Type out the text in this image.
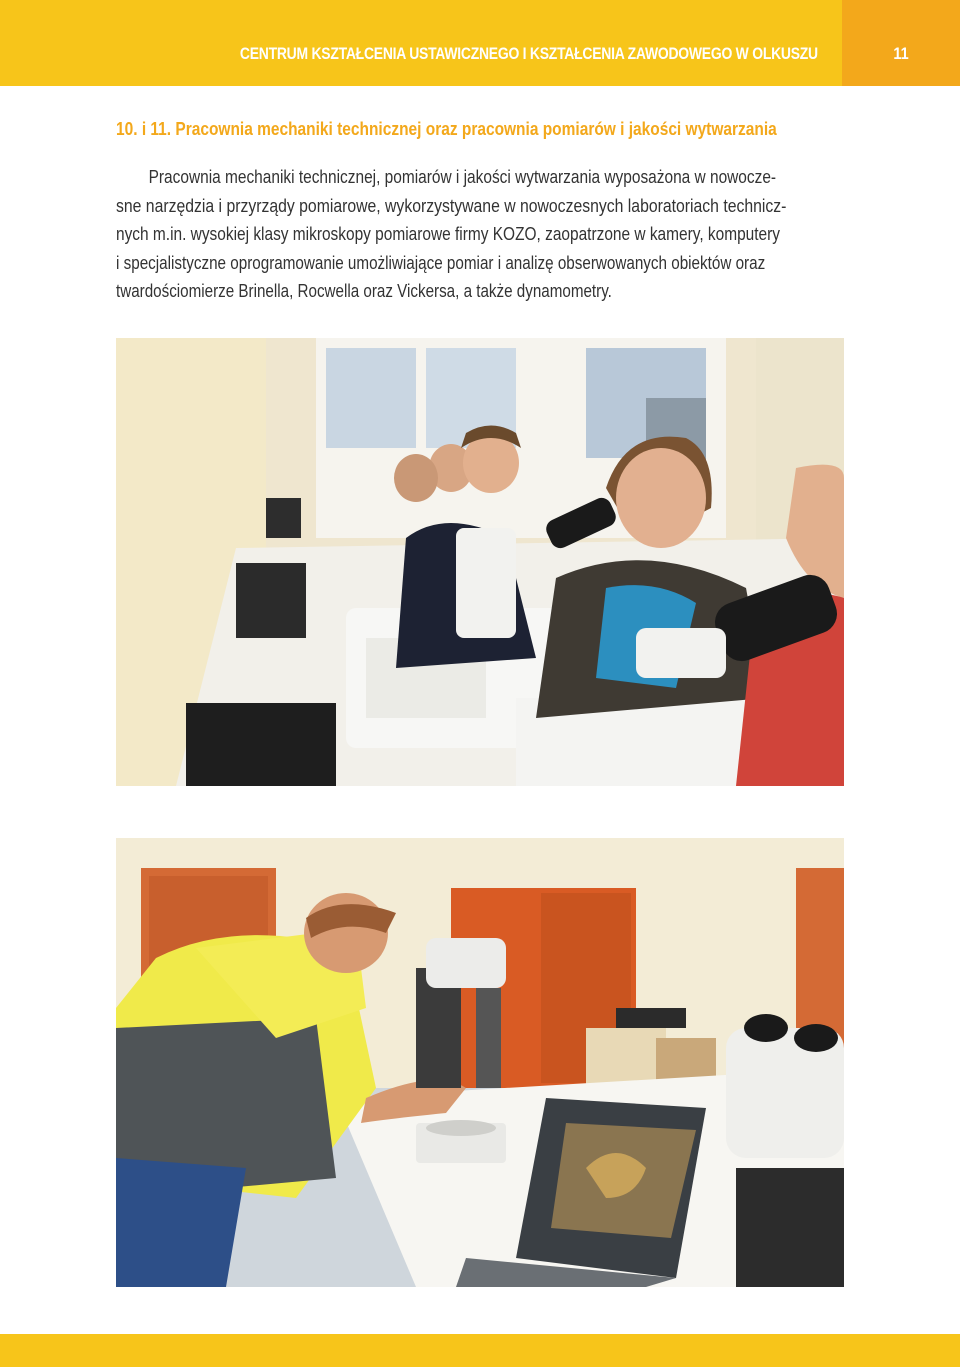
CENTRUM KSZTAŁCENIA USTAWICZNEGO I KSZTAŁCENIA ZAWODOWEGO W OLKUSZU	11
10. i 11. Pracownia mechaniki technicznej oraz pracownia pomiarów i jakości wytwarzania
Pracownia mechaniki technicznej, pomiarów i jakości wytwarzania wyposażona w nowocze-
sne narzędzia i przyrządy pomiarowe, wykorzystywane w nowoczesnych laboratoriach technicz-
nych m.in. wysokiej klasy mikroskopy pomiarowe firmy KOZO, zaopatrzone w kamery, komputery
i specjalistyczne oprogramowanie umożliwiające pomiar i analizę obserwowanych obiektów oraz
twardościomierze Brinella, Rocwella oraz Vickersa, a także dynamometry.
